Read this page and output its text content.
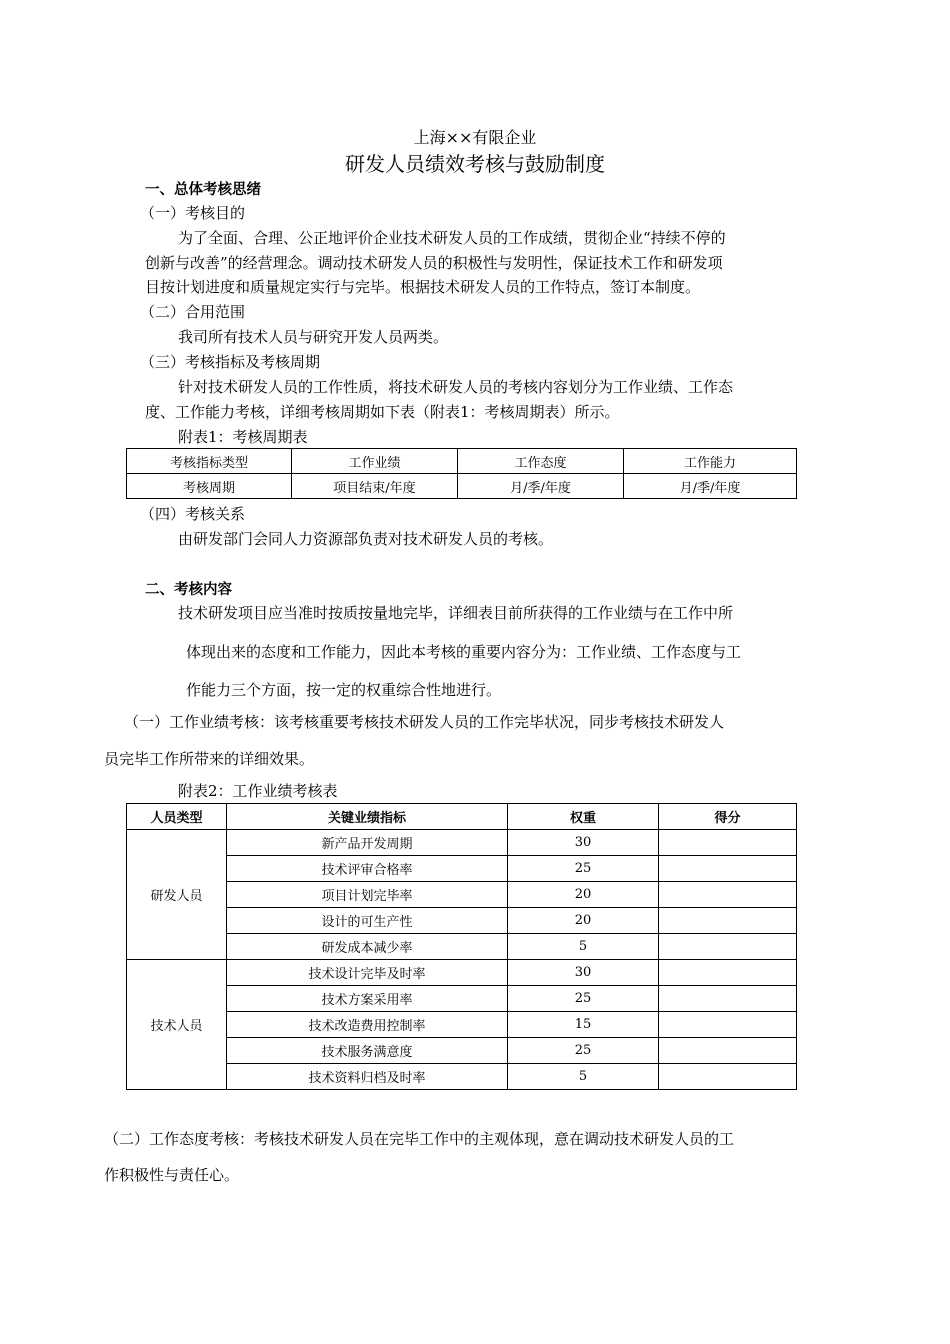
上海××有限企业
研发人员绩效考核与鼓励制度
一、总体考核思绪
（一）考核目的
为了全面、合理、公正地评价企业技术研发人员的工作成绩，贯彻企业“持续不停的
创新与改善”的经营理念。调动技术研发人员的积极性与发明性，保证技术工作和研发项
目按计划进度和质量规定实行与完毕。根据技术研发人员的工作特点，签订本制度。
（二）合用范围
我司所有技术人员与研究开发人员两类。
（三）考核指标及考核周期
针对技术研发人员的工作性质，将技术研发人员的考核内容划分为工作业绩、工作态
度、工作能力考核，详细考核周期如下表（附表1：考核周期表）所示。
附表1：考核周期表
考核指标类型	工作业绩	工作态度	工作能力
考核周期	项目结束/年度	月/季/年度	月/季/年度
（四）考核关系
由研发部门会同人力资源部负责对技术研发人员的考核。
二、考核内容
技术研发项目应当准时按质按量地完毕，详细表目前所获得的工作业绩与在工作中所
体现出来的态度和工作能力，因此本考核的重要内容分为：工作业绩、工作态度与工
作能力三个方面，按一定的权重综合性地进行。
（一）工作业绩考核：该考核重要考核技术研发人员的工作完毕状况，同步考核技术研发人
员完毕工作所带来的详细效果。
附表2：工作业绩考核表
人员类型	关键业绩指标	权重	得分
研发人员	新产品开发周期	30	
	技术评审合格率	25	
	项目计划完毕率	20	
	设计的可生产性	20	
	研发成本减少率	5	
技术人员	技术设计完毕及时率	30	
	技术方案采用率	25	
	技术改造费用控制率	15	
	技术服务满意度	25	
	技术资料归档及时率	5	
（二）工作态度考核：考核技术研发人员在完毕工作中的主观体现，意在调动技术研发人员的工
作积极性与责任心。
